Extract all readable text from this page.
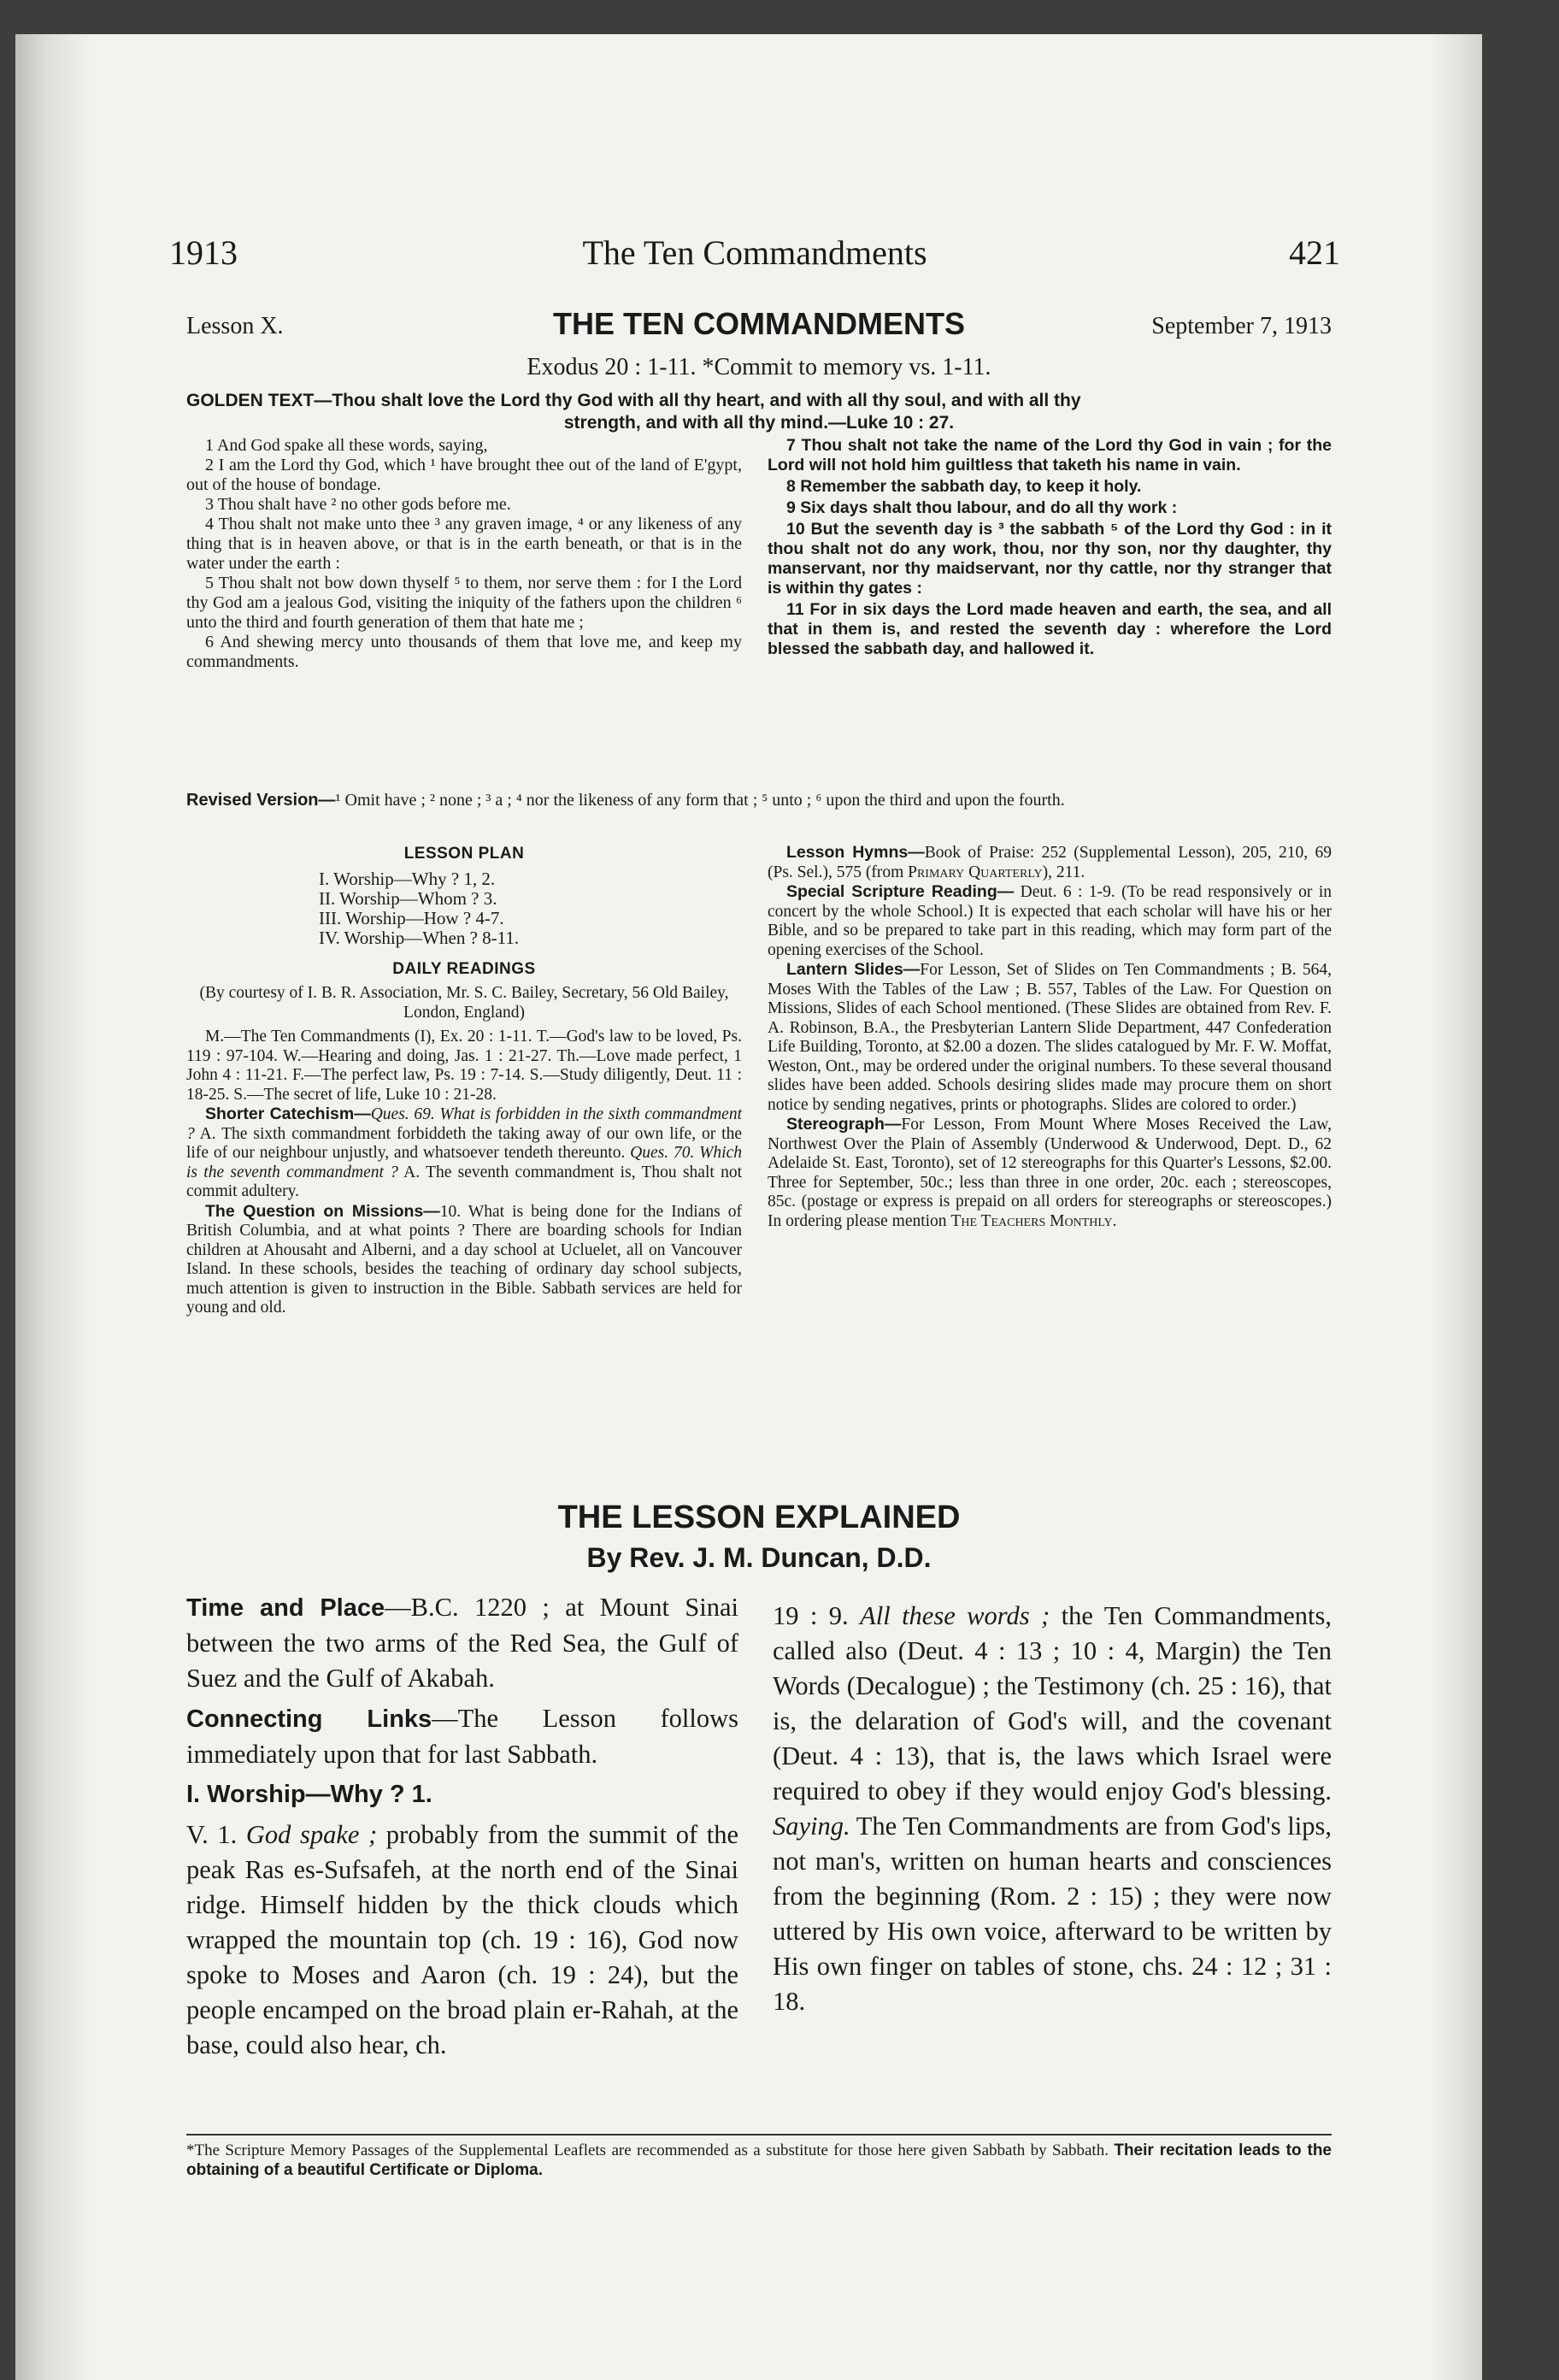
1913	The Ten Commandments	421
Lesson X.	THE TEN COMMANDMENTS	September 7, 1913
Exodus 20 : 1-11. *Commit to memory vs. 1-11.
GOLDEN TEXT—Thou shalt love the Lord thy God with all thy heart, and with all thy soul, and with all thy
strength, and with all thy mind.—Luke 10 : 27.

1 And God spake all these words, saying,

2 I am the Lord thy God, which ¹ have brought thee out of the land of E'gypt, out of the house of bondage.

3 Thou shalt have ² no other gods before me.

4 Thou shalt not make unto thee ³ any graven image, ⁴ or any likeness of any thing that is in heaven above, or that is in the earth beneath, or that is in the water under the earth :

5 Thou shalt not bow down thyself ⁵ to them, nor serve them : for I the Lord thy God am a jealous God, visiting the iniquity of the fathers upon the children ⁶ unto the third and fourth generation of them that hate me ;

6 And shewing mercy unto thousands of them that love me, and keep my commandments.

7 Thou shalt not take the name of the Lord thy God in vain ; for the Lord will not hold him guiltless that taketh his name in vain.

8 Remember the sabbath day, to keep it holy.

9 Six days shalt thou labour, and do all thy work :

10 But the seventh day is ³ the sabbath ⁵ of the Lord thy God : in it thou shalt not do any work, thou, nor thy son, nor thy daughter, thy manservant, nor thy maidservant, nor thy cattle, nor thy stranger that is within thy gates :

11 For in six days the Lord made heaven and earth, the sea, and all that in them is, and rested the seventh day : wherefore the Lord blessed the sabbath day, and hallowed it.

Revised Version—¹ Omit have ; ² none ; ³ a ; ⁴ nor the likeness of any form that ; ⁵ unto ; ⁶ upon the third and upon the fourth.
LESSON PLAN
I. Worship—Why ? 1, 2.
II. Worship—Whom ? 3.
III. Worship—How ? 4-7.
IV. Worship—When ? 8-11.
DAILY READINGS

(By courtesy of I. B. R. Association, Mr. S. C. Bailey, Secretary, 56 Old Bailey, London, England)

M.—The Ten Commandments (I), Ex. 20 : 1-11. T.—God's law to be loved, Ps. 119 : 97-104. W.—Hearing and doing, Jas. 1 : 21-27. Th.—Love made perfect, 1 John 4 : 11-21. F.—The perfect law, Ps. 19 : 7-14. S.—Study diligently, Deut. 11 : 18-25. S.—The secret of life, Luke 10 : 21-28.

Shorter Catechism—Ques. 69. What is forbidden in the sixth commandment ? A. The sixth commandment forbiddeth the taking away of our own life, or the life of our neighbour unjustly, and whatsoever tendeth thereunto. Ques. 70. Which is the seventh commandment ? A. The seventh commandment is, Thou shalt not commit adultery.

The Question on Missions—10. What is being done for the Indians of British Columbia, and at what points ? There are boarding schools for Indian children at Ahousaht and Alberni, and a day school at Ucluelet, all on Vancouver Island. In these schools, besides the teaching of ordinary day school subjects, much attention is given to instruction in the Bible. Sabbath services are held for young and old.

Lesson Hymns—Book of Praise: 252 (Supplemental Lesson), 205, 210, 69 (Ps. Sel.), 575 (from Primary Quarterly), 211.

Special Scripture Reading— Deut. 6 : 1-9. (To be read responsively or in concert by the whole School.) It is expected that each scholar will have his or her Bible, and so be prepared to take part in this reading, which may form part of the opening exercises of the School.

Lantern Slides—For Lesson, Set of Slides on Ten Commandments ; B. 564, Moses With the Tables of the Law ; B. 557, Tables of the Law. For Question on Missions, Slides of each School mentioned. (These Slides are obtained from Rev. F. A. Robinson, B.A., the Presbyterian Lantern Slide Department, 447 Confederation Life Building, Toronto, at $2.00 a dozen. The slides catalogued by Mr. F. W. Moffat, Weston, Ont., may be ordered under the original numbers. To these several thousand slides have been added. Schools desiring slides made may procure them on short notice by sending negatives, prints or photographs. Slides are colored to order.)

Stereograph—For Lesson, From Mount Where Moses Received the Law, Northwest Over the Plain of Assembly (Underwood & Underwood, Dept. D., 62 Adelaide St. East, Toronto), set of 12 stereographs for this Quarter's Lessons, $2.00. Three for September, 50c.; less than three in one order, 20c. each ; stereoscopes, 85c. (postage or express is prepaid on all orders for stereographs or stereoscopes.) In ordering please mention The Teachers Monthly.

THE LESSON EXPLAINED
By Rev. J. M. Duncan, D.D.

Time and Place—B.C. 1220 ; at Mount Sinai between the two arms of the Red Sea, the Gulf of Suez and the Gulf of Akabah.

Connecting Links—The Lesson follows immediately upon that for last Sabbath.

I. Worship—Why ? 1.

V. 1. God spake ; probably from the summit of the peak Ras es-Sufsafeh, at the north end of the Sinai ridge. Himself hidden by the thick clouds which wrapped the mountain top (ch. 19 : 16), God now spoke to Moses and Aaron (ch. 19 : 24), but the people encamped on the broad plain er-Rahah, at the base, could also hear, ch.

19 : 9. All these words ; the Ten Commandments, called also (Deut. 4 : 13 ; 10 : 4, Margin) the Ten Words (Decalogue) ; the Testimony (ch. 25 : 16), that is, the delaration of God's will, and the covenant (Deut. 4 : 13), that is, the laws which Israel were required to obey if they would enjoy God's blessing. Saying. The Ten Commandments are from God's lips, not man's, written on human hearts and consciences from the beginning (Rom. 2 : 15) ; they were now uttered by His own voice, afterward to be written by His own finger on tables of stone, chs. 24 : 12 ; 31 : 18.

*The Scripture Memory Passages of the Supplemental Leaflets are recommended as a substitute for those here given Sabbath by Sabbath. Their recitation leads to the obtaining of a beautiful Certificate or Diploma.
